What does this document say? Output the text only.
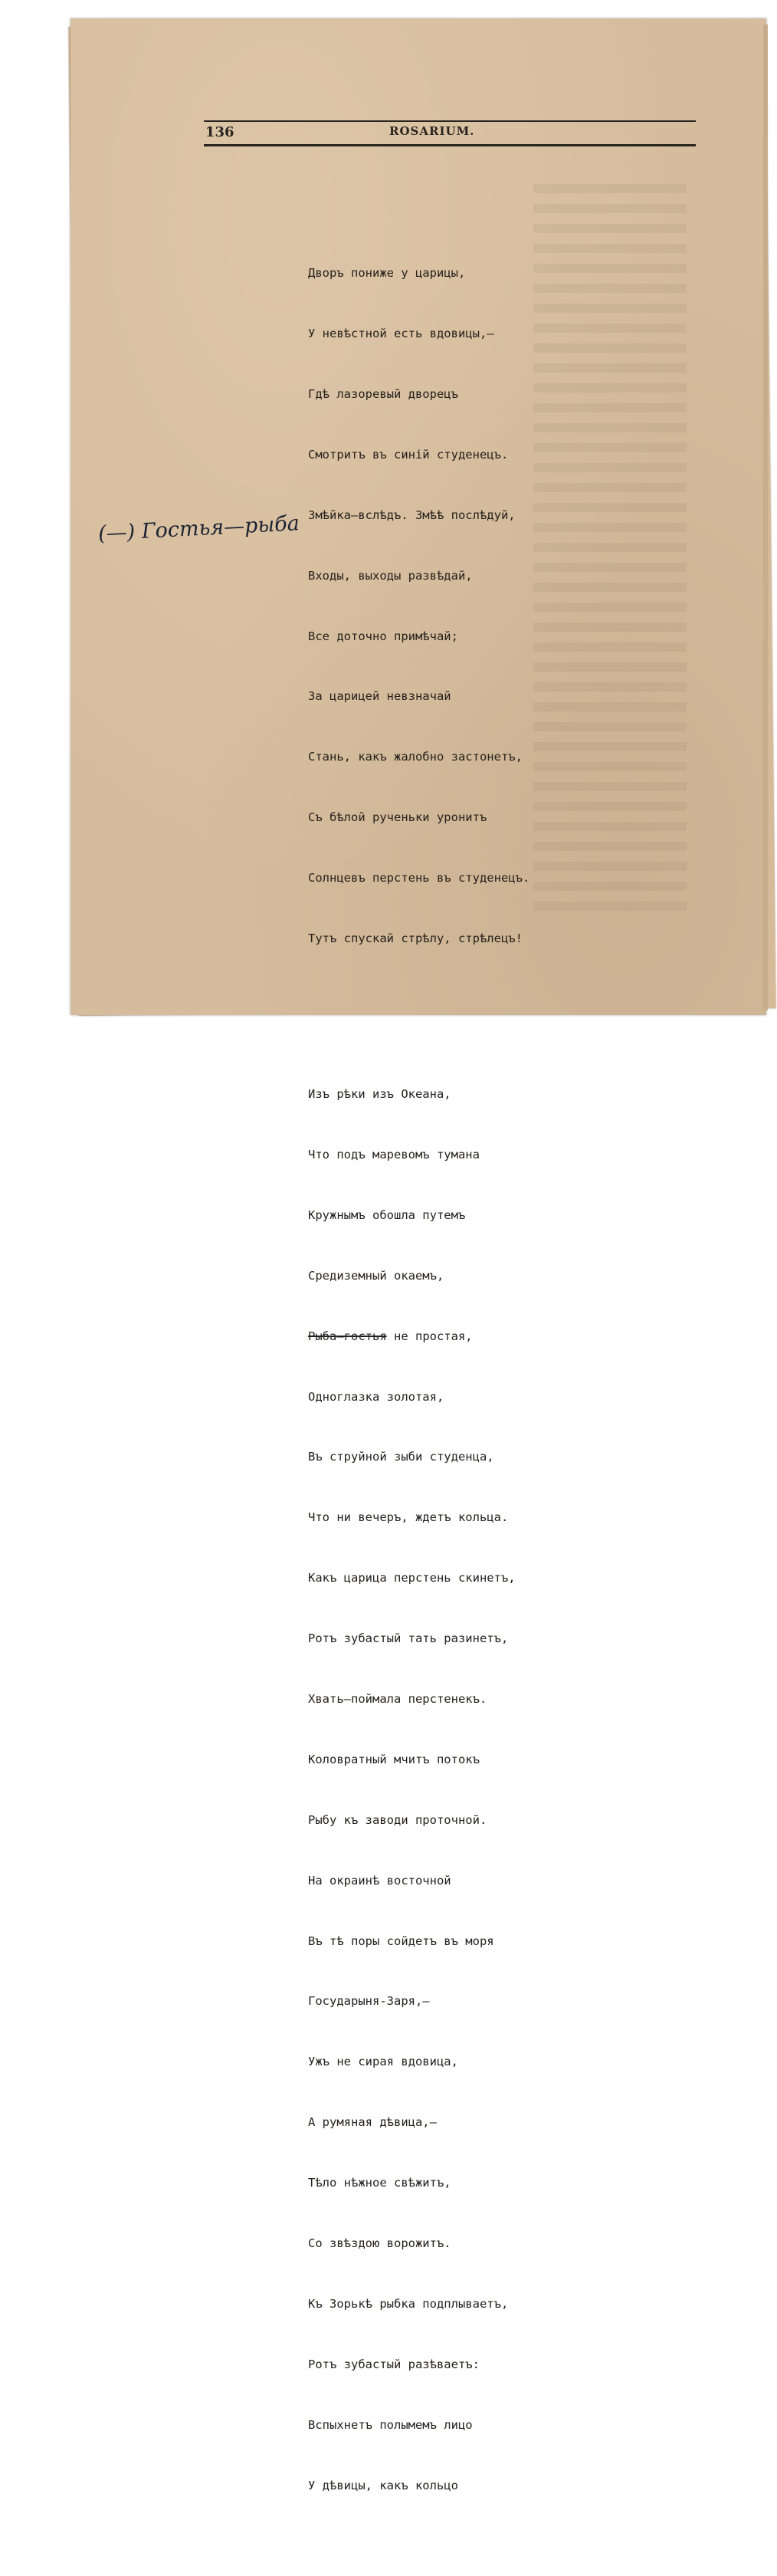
136	ROSARIUM.

Дворъ пониже у царицы,

У невѣстной есть вдовицы,—

Гдѣ лазоревый дворецъ

Смотритъ въ синiй студенецъ.

Змѣйка—вслѣдъ. Змѣѣ послѣдуй,

Входы, выходы развѣдай,

Все доточно примѣчай;

За царицей невзначай

Стань, какъ жалобно застонетъ,

Съ бѣлой рученьки уронитъ

Солнцевъ перстень въ студенецъ.

Тутъ спускай стрѣлу, стрѣлецъ!

Изъ рѣки изъ Океана,

Что подъ маревомъ тумана

Кружнымъ обошла путемъ

Средиземный окаемъ,

Рыба—гостья не простая,

Одноглазка золотая,

Въ струйной зыби студенца,

Что ни вечеръ, ждетъ кольца.

Какъ царица перстень скинетъ,

Ротъ зубастый тать разинетъ,

Хвать—поймала перстенекъ.

Коловратный мчитъ потокъ

Рыбу къ заводи проточной.

На окраинѣ восточной

Въ тѣ поры сойдетъ въ моря

Государыня-Заря,—

Ужъ не сирая вдовица,

А румяная дѣвица,—

Тѣло нѣжное свѣжитъ,

Со звѣздою ворожитъ.

Къ Зорькѣ рыбка подплываетъ,

Ротъ зубастый разѣваетъ:

Вспыхнетъ полымемъ лицо

У дѣвицы, какъ кольцо

(—) Гостья—рыба
